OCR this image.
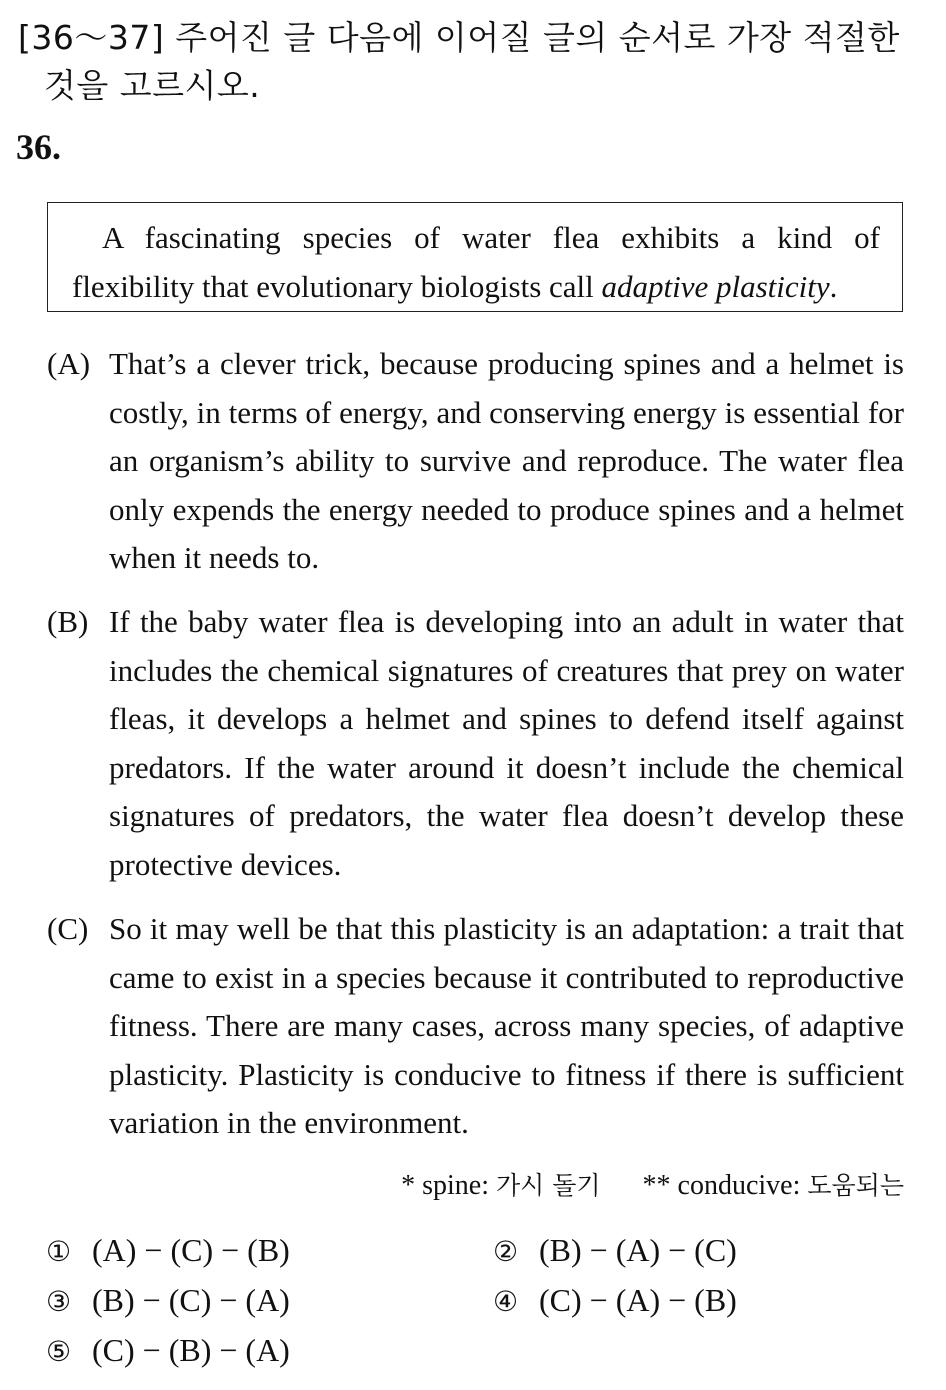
[36～37] 주어진 글 다음에 이어질 글의 순서로 가장 적절한
것을 고르시오.
36.
A fascinating species of water flea exhibits a kind of flexibility that evolutionary biologists call adaptive plasticity.
(A) That’s a clever trick, because producing spines and a helmet is costly, in terms of energy, and conserving energy is essential for an organism’s ability to survive and reproduce. The water flea only expends the energy needed to produce spines and a helmet when it needs to.
(B) If the baby water flea is developing into an adult in water that includes the chemical signatures of creatures that prey on water fleas, it develops a helmet and spines to defend itself against predators. If the water around it doesn’t include the chemical signatures of predators, the water flea doesn’t develop these protective devices.
(C) So it may well be that this plasticity is an adaptation: a trait that came to exist in a species because it contributed to reproductive fitness. There are many cases, across many species, of adaptive plasticity. Plasticity is conducive to fitness if there is sufficient variation in the environment.
* spine: 가시 돌기 ** conducive: 도움되는
① (A) − (C) − (B)	② (B) − (A) − (C)
③ (B) − (C) − (A)	④ (C) − (A) − (B)
⑤ (C) − (B) − (A)
